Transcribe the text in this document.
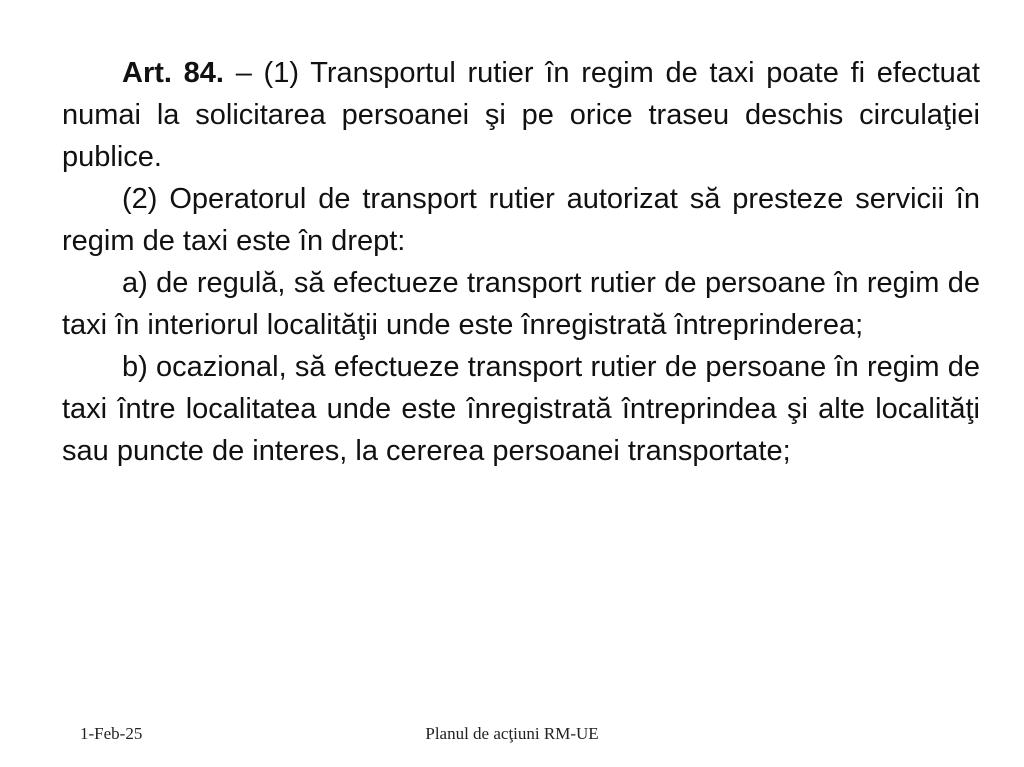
Art. 84. – (1) Transportul rutier în regim de taxi poate fi efectuat numai la solicitarea persoanei şi pe orice traseu deschis circulaţiei publice.

(2) Operatorul de transport rutier autorizat să presteze servicii în regim de taxi este în drept:

a) de regulă, să efectueze transport rutier de persoane în regim de taxi în interiorul localităţii unde este înregistrată întreprinderea;

b) ocazional, să efectueze transport rutier de persoane în regim de taxi între localitatea unde este înregistrată întreprindea şi alte localităţi sau puncte de interes, la cererea persoanei transportate;

1-Feb-25	Planul de acţiuni RM-UE
